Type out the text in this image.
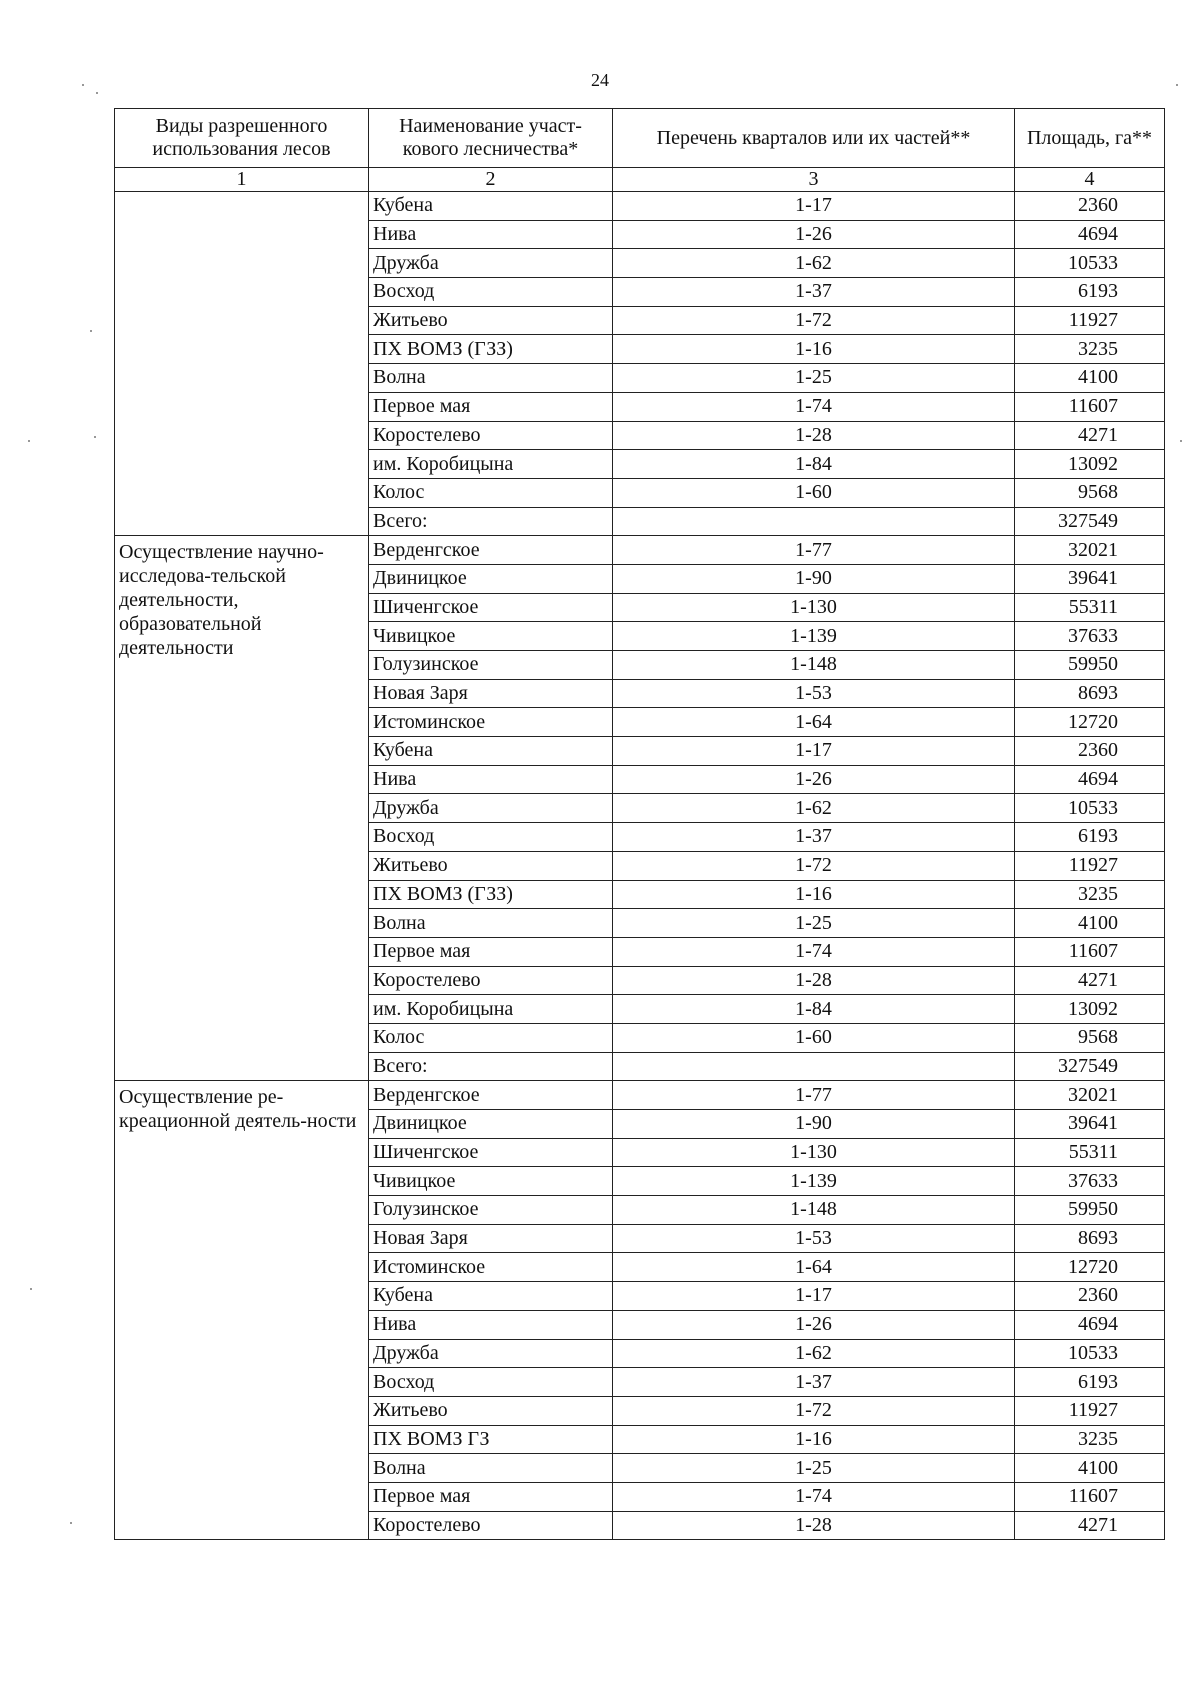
24
Виды разрешенного использования лесов	Наименование участ-кового лесничества*	Перечень кварталов или их частей**	Площадь, га**
1	2	3	4
	Кубена	1-17	2360
	Нива	1-26	4694
	Дружба	1-62	10533
	Восход	1-37	6193
	Житьево	1-72	11927
	ПХ ВОМЗ (ГЗЗ)	1-16	3235
	Волна	1-25	4100
	Первое мая	1-74	11607
	Коростелево	1-28	4271
	им. Коробицына	1-84	13092
	Колос	1-60	9568
	Всего:		327549
Осуществление научно-исследова-тельской деятельности, образовательной деятельности	Верденгское	1-77	32021
	Двиницкое	1-90	39641
	Шиченгское	1-130	55311
	Чивицкое	1-139	37633
	Голузинское	1-148	59950
	Новая Заря	1-53	8693
	Истоминское	1-64	12720
	Кубена	1-17	2360
	Нива	1-26	4694
	Дружба	1-62	10533
	Восход	1-37	6193
	Житьево	1-72	11927
	ПХ ВОМЗ (ГЗЗ)	1-16	3235
	Волна	1-25	4100
	Первое мая	1-74	11607
	Коростелево	1-28	4271
	им. Коробицына	1-84	13092
	Колос	1-60	9568
	Всего:		327549
Осуществление ре-креационной деятель-ности	Верденгское	1-77	32021
	Двиницкое	1-90	39641
	Шиченгское	1-130	55311
	Чивицкое	1-139	37633
	Голузинское	1-148	59950
	Новая Заря	1-53	8693
	Истоминское	1-64	12720
	Кубена	1-17	2360
	Нива	1-26	4694
	Дружба	1-62	10533
	Восход	1-37	6193
	Житьево	1-72	11927
	ПХ ВОМЗ ГЗ	1-16	3235
	Волна	1-25	4100
	Первое мая	1-74	11607
	Коростелево	1-28	4271
